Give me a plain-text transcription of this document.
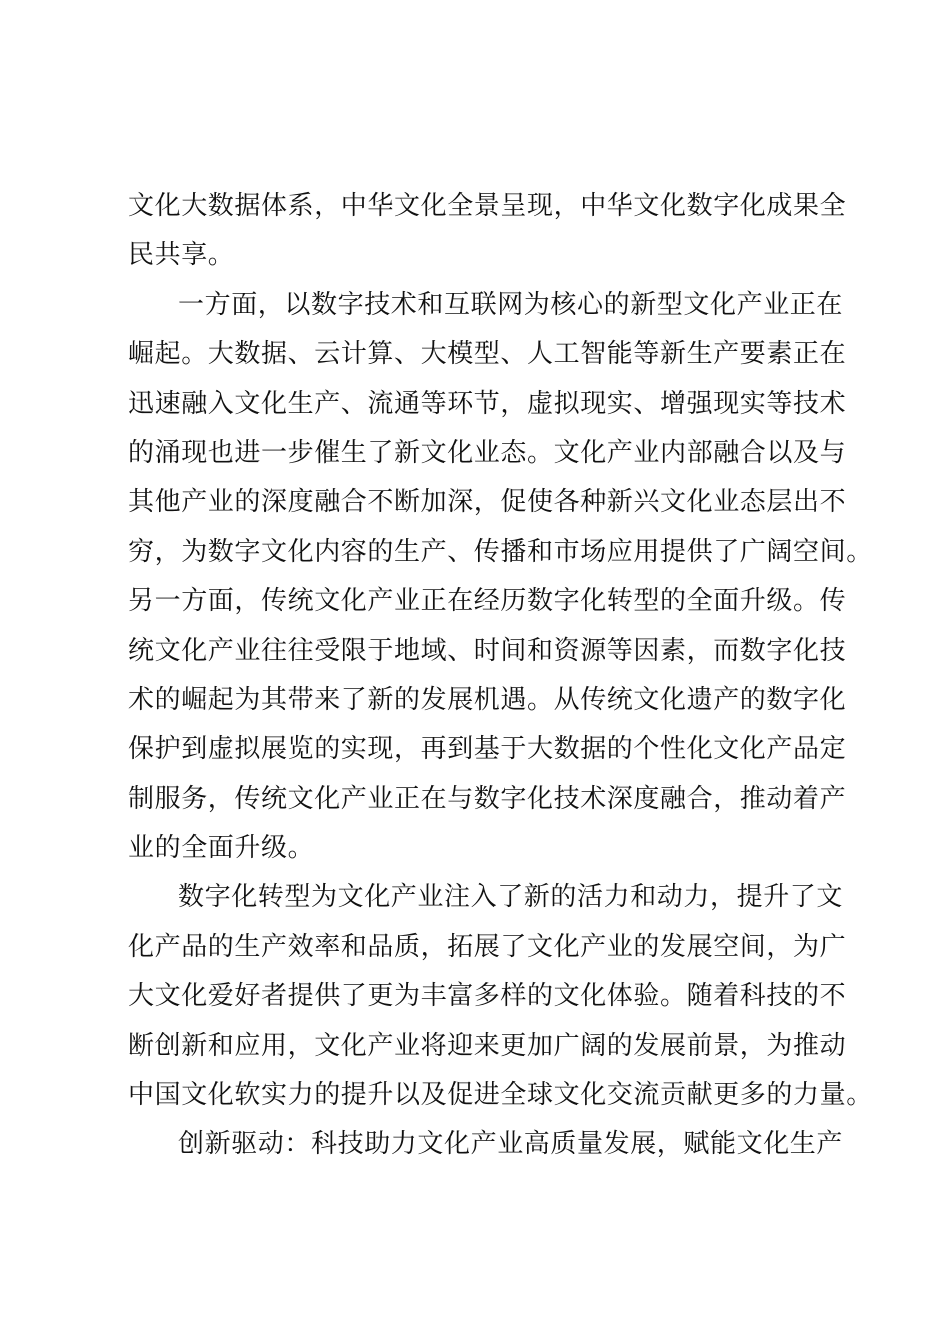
文化大数据体系，中华文化全景呈现，中华文化数字化成果全
民共享。
一方面，以数字技术和互联网为核心的新型文化产业正在
崛起。大数据、云计算、大模型、人工智能等新生产要素正在
迅速融入文化生产、流通等环节，虚拟现实、增强现实等技术
的涌现也进一步催生了新文化业态。文化产业内部融合以及与
其他产业的深度融合不断加深，促使各种新兴文化业态层出不
穷，为数字文化内容的生产、传播和市场应用提供了广阔空间。
另一方面，传统文化产业正在经历数字化转型的全面升级。传
统文化产业往往受限于地域、时间和资源等因素，而数字化技
术的崛起为其带来了新的发展机遇。从传统文化遗产的数字化
保护到虚拟展览的实现，再到基于大数据的个性化文化产品定
制服务，传统文化产业正在与数字化技术深度融合，推动着产
业的全面升级。
数字化转型为文化产业注入了新的活力和动力，提升了文
化产品的生产效率和品质，拓展了文化产业的发展空间，为广
大文化爱好者提供了更为丰富多样的文化体验。随着科技的不
断创新和应用，文化产业将迎来更加广阔的发展前景，为推动
中国文化软实力的提升以及促进全球文化交流贡献更多的力量。
创新驱动：科技助力文化产业高质量发展，赋能文化生产
